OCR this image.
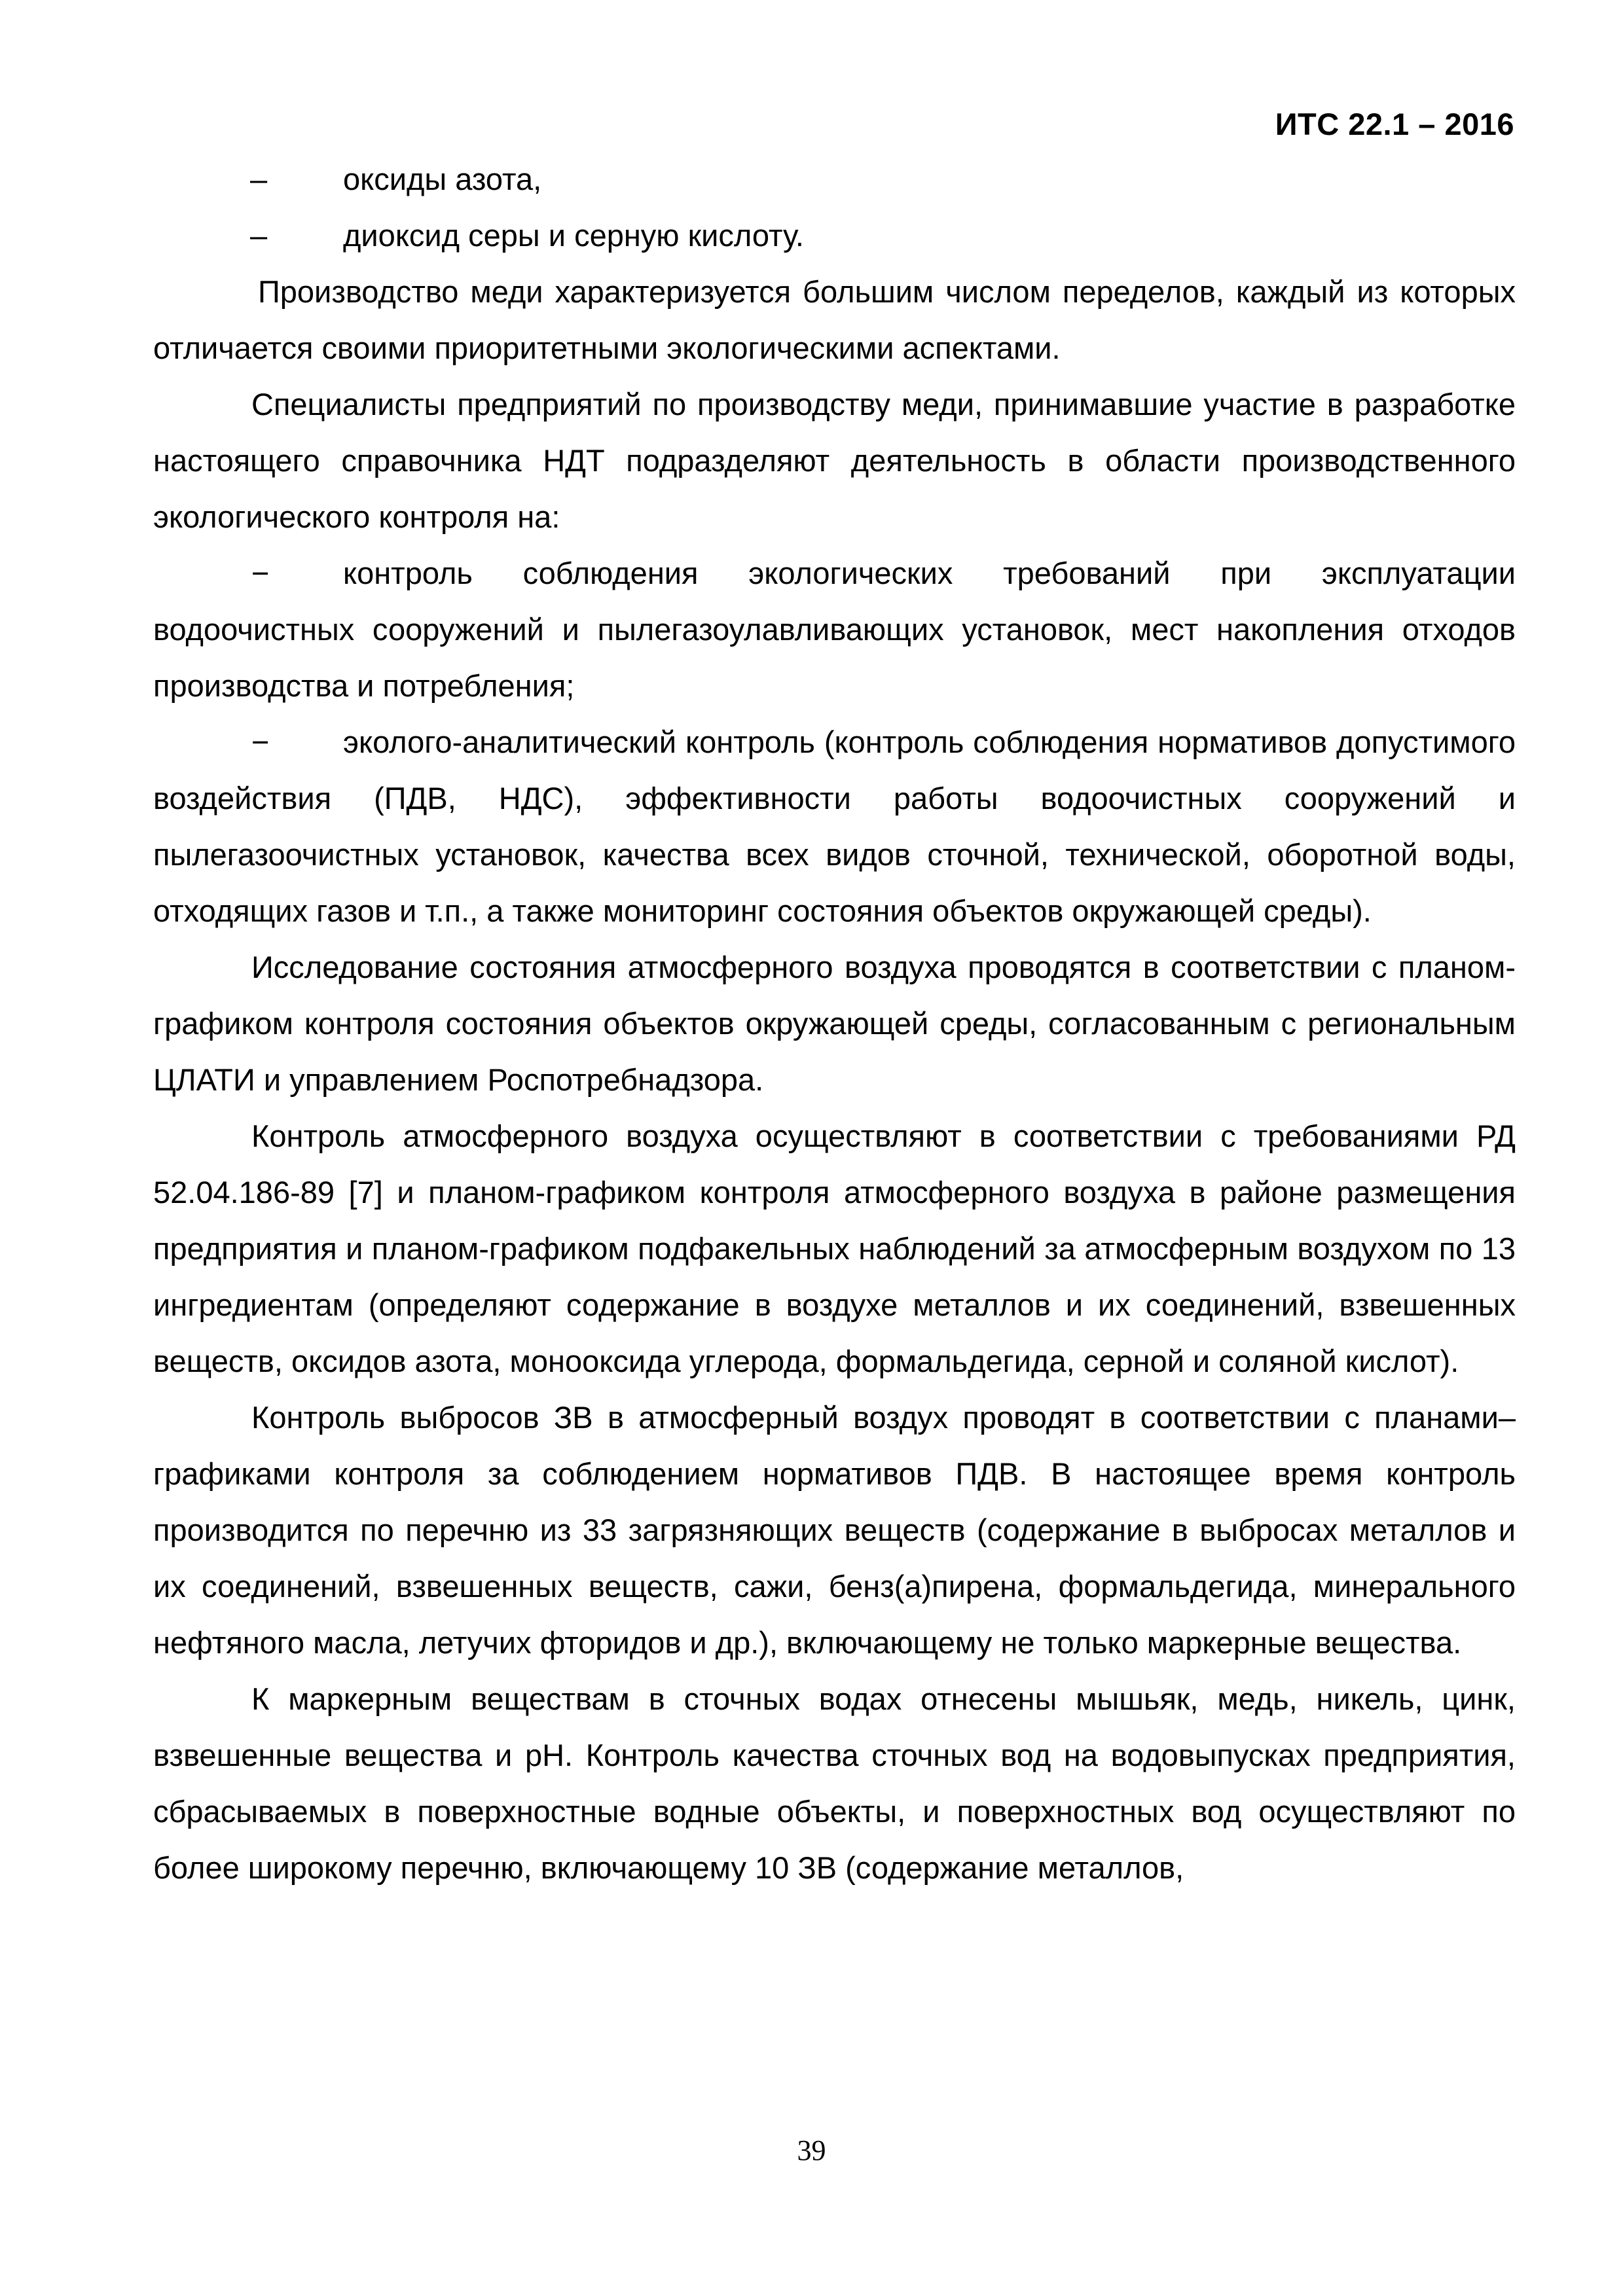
ИТС 22.1 – 2016
– оксиды азота,
– диоксид серы и серную кислоту.

Производство меди характеризуется большим числом переделов, каждый из которых отличается своими приоритетными экологическими аспектами.

Специалисты предприятий по производству меди, принимавшие участие в разработке настоящего справочника НДТ подразделяют деятельность в области производственного экологического контроля на:

− контроль соблюдения экологических требований при эксплуатации водоочистных сооружений и пылегазоулавливающих установок, мест накопления отходов производства и потребления;

− эколого-аналитический контроль (контроль соблюдения нормативов допустимого воздействия (ПДВ, НДС), эффективности работы водоочистных сооружений и пылегазоочистных установок, качества всех видов сточной, технической, оборотной воды, отходящих газов и т.п., а также мониторинг состояния объектов окружающей среды).

Исследование состояния атмосферного воздуха проводятся в соответствии с планом-графиком контроля состояния объектов окружающей среды, согласованным с региональным ЦЛАТИ и управлением Роспотребнадзора.

Контроль атмосферного воздуха осуществляют в соответствии с требованиями РД 52.04.186-89 [7] и планом-графиком контроля атмосферного воздуха в районе размещения предприятия и планом-графиком подфакельных наблюдений за атмосферным воздухом по 13 ингредиентам (определяют содержание в воздухе металлов и их соединений, взвешенных веществ, оксидов азота, монооксида углерода, формальдегида, серной и соляной кислот).

Контроль выбросов ЗВ в атмосферный воздух проводят в соответствии с планами–графиками контроля за соблюдением нормативов ПДВ. В настоящее время контроль производится по перечню из 33 загрязняющих веществ (содержание в выбросах металлов и их соединений, взвешенных веществ, сажи, бенз(а)пирена, формальдегида, минерального нефтяного масла, летучих фторидов и др.), включающему не только маркерные вещества.

К маркерным веществам в сточных водах отнесены мышьяк, медь, никель, цинк, взвешенные вещества и рН. Контроль качества сточных вод на водовыпусках предприятия, сбрасываемых в поверхностные водные объекты, и поверхностных вод осуществляют по более широкому перечню, включающему 10 ЗВ (содержание металлов,

39
